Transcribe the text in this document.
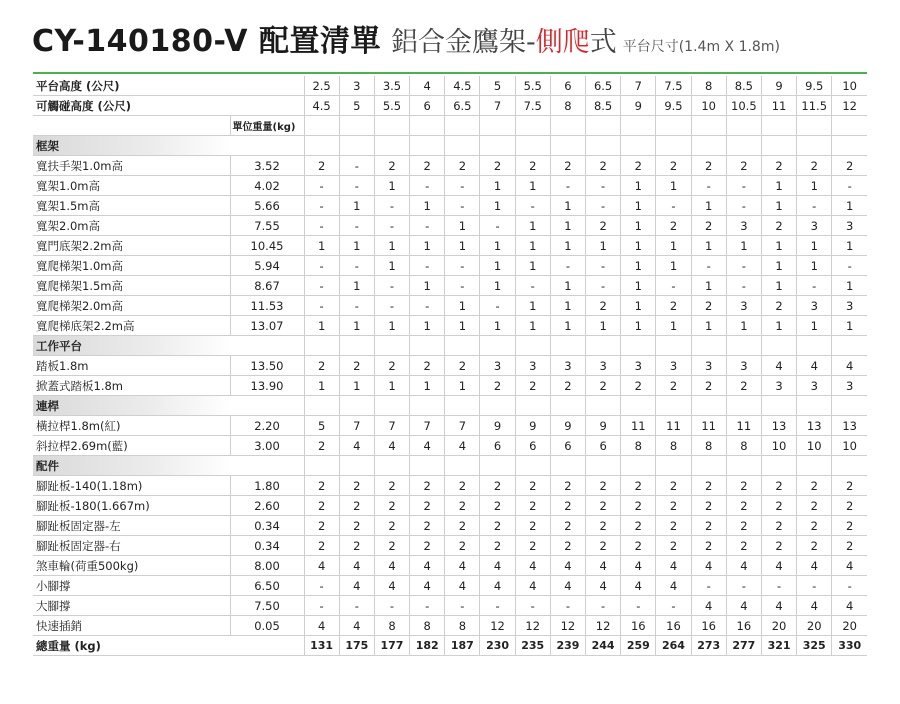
CY-140180-V 配置清單 鋁合金鷹架- 側爬 式 平台尺寸(1.4m X 1.8m)
平台高度 (公尺)		2.5	3	3.5	4	4.5	5	5.5	6	6.5	7	7.5	8	8.5	9	9.5	10
可觸碰高度 (公尺)		4.5	5	5.5	6	6.5	7	7.5	8	8.5	9	9.5	10	10.5	11	11.5	12
	單位重量(kg)																
框架																	
寬扶手架1.0m高	3.52	2	-	2	2	2	2	2	2	2	2	2	2	2	2	2	2
寬架1.0m高	4.02	-	-	1	-	-	1	1	-	-	1	1	-	-	1	1	-
寬架1.5m高	5.66	-	1	-	1	-	1	-	1	-	1	-	1	-	1	-	1
寬架2.0m高	7.55	-	-	-	-	1	-	1	1	2	1	2	2	3	2	3	3
寬門底架2.2m高	10.45	1	1	1	1	1	1	1	1	1	1	1	1	1	1	1	1
寬爬梯架1.0m高	5.94	-	-	1	-	-	1	1	-	-	1	1	-	-	1	1	-
寬爬梯架1.5m高	8.67	-	1	-	1	-	1	-	1	-	1	-	1	-	1	-	1
寬爬梯架2.0m高	11.53	-	-	-	-	1	-	1	1	2	1	2	2	3	2	3	3
寬爬梯底架2.2m高	13.07	1	1	1	1	1	1	1	1	1	1	1	1	1	1	1	1
工作平台																	
踏板1.8m	13.50	2	2	2	2	2	3	3	3	3	3	3	3	3	4	4	4
掀蓋式踏板1.8m	13.90	1	1	1	1	1	2	2	2	2	2	2	2	2	3	3	3
連桿																	
橫拉桿1.8m(紅)	2.20	5	7	7	7	7	9	9	9	9	11	11	11	11	13	13	13
斜拉桿2.69m(藍)	3.00	2	4	4	4	4	6	6	6	6	8	8	8	8	10	10	10
配件																	
腳趾板-140(1.18m)	1.80	2	2	2	2	2	2	2	2	2	2	2	2	2	2	2	2
腳趾板-180(1.667m)	2.60	2	2	2	2	2	2	2	2	2	2	2	2	2	2	2	2
腳趾板固定器-左	0.34	2	2	2	2	2	2	2	2	2	2	2	2	2	2	2	2
腳趾板固定器-右	0.34	2	2	2	2	2	2	2	2	2	2	2	2	2	2	2	2
煞車輪(荷重500kg)	8.00	4	4	4	4	4	4	4	4	4	4	4	4	4	4	4	4
小腳撐	6.50	-	4	4	4	4	4	4	4	4	4	4	-	-	-	-	-
大腳撐	7.50	-	-	-	-	-	-	-	-	-	-	-	4	4	4	4	4
快速插銷	0.05	4	4	8	8	8	12	12	12	12	16	16	16	16	20	20	20
總重量 (kg)		131	175	177	182	187	230	235	239	244	259	264	273	277	321	325	330
